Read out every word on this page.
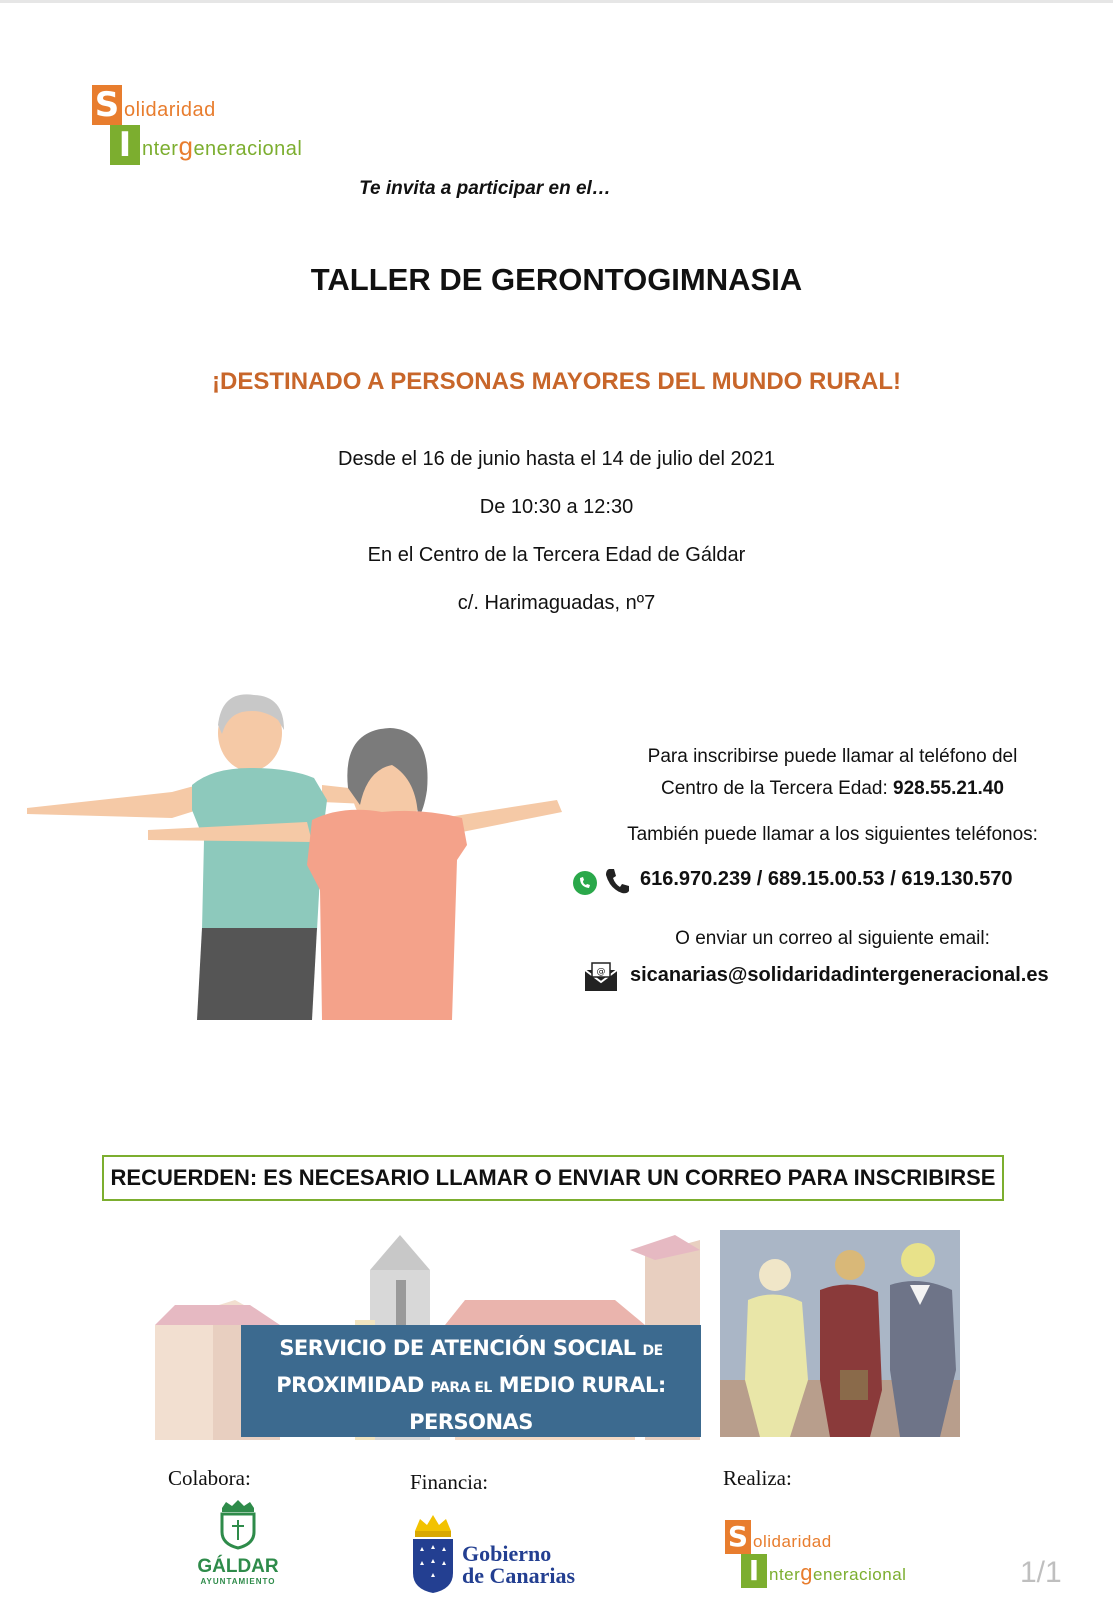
S olidaridad
I ntergeneracional
Te invita a participar en el…
TALLER DE GERONTOGIMNASIA
¡DESTINADO A PERSONAS MAYORES DEL MUNDO RURAL!
Desde el 16 de junio hasta el 14 de julio del 2021
De 10:30 a 12:30
En el Centro de la Tercera Edad de Gáldar
c/. Harimaguadas, nº7
Para inscribirse puede llamar al teléfono del
Centro de la Tercera Edad: 928.55.21.40
También puede llamar a los siguientes teléfonos:
616.970.239 / 689.15.00.53 / 619.130.570
O enviar un correo al siguiente email:
@ sicanarias@solidaridadintergeneracional.es
RECUERDEN: ES NECESARIO LLAMAR O ENVIAR UN CORREO PARA INSCRIBIRSE
SERVICIO DE ATENCIÓN SOCIAL DE
PROXIMIDAD PARA EL MEDIO RURAL: PERSONAS
MAYORES, DEPENDIENTES Y FAMILIAS
Colabora:	Financia:	Realiza:
GÁLDAR
AYUNTAMIENTO
Gobierno
de Canarias
S olidaridad
I ntergeneracional	1/1
